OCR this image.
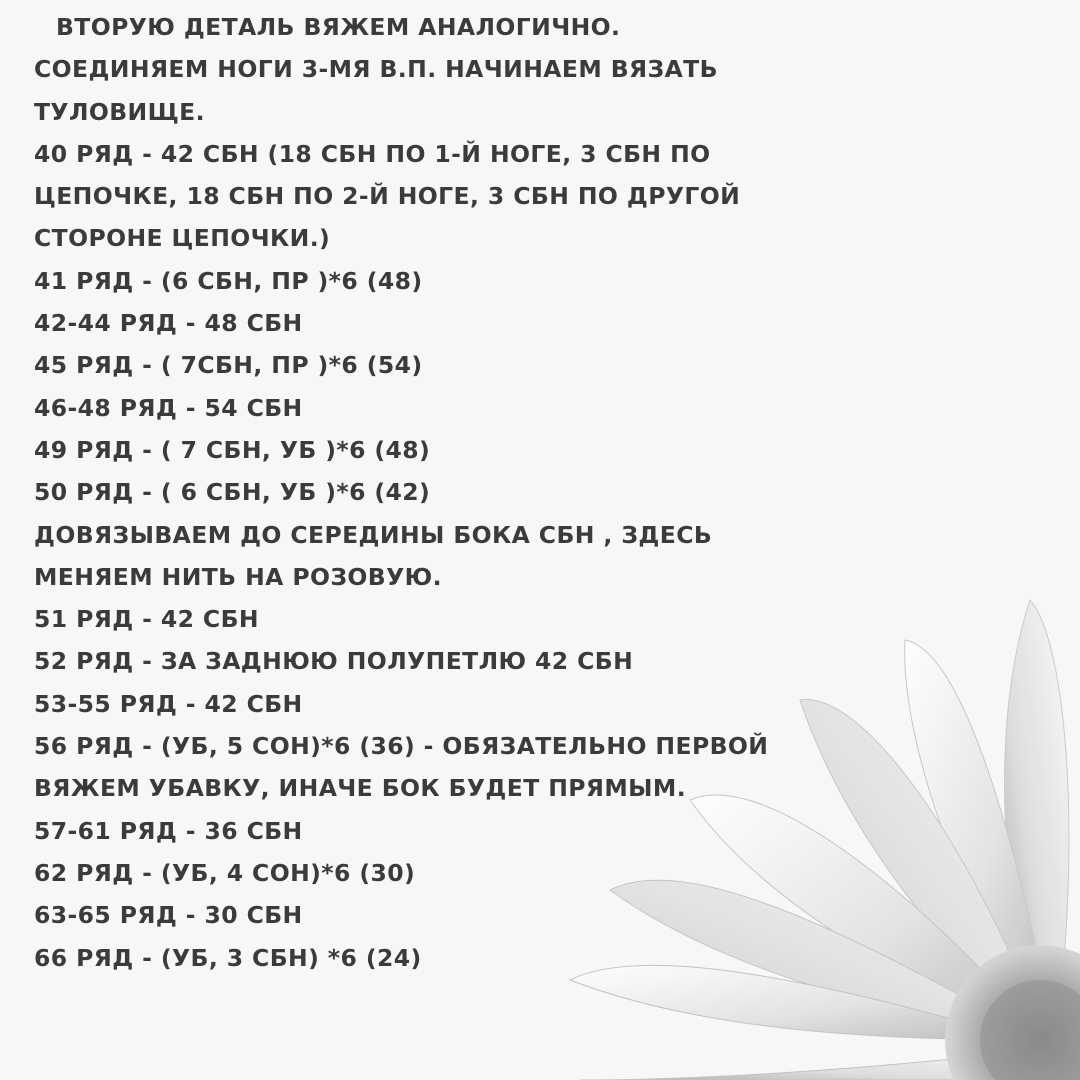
ВТОРУЮ ДЕТАЛЬ ВЯЖЕМ АНАЛОГИЧНО.

СОЕДИНЯЕМ НОГИ 3-МЯ В.П. НАЧИНАЕМ ВЯЗАТЬ

ТУЛОВИЩЕ.

40 РЯД - 42 СБН (18 СБН ПО 1-Й НОГЕ, 3 СБН ПО

ЦЕПОЧКЕ, 18 СБН ПО 2-Й НОГЕ, 3 СБН ПО ДРУГОЙ

СТОРОНЕ ЦЕПОЧКИ.)

41 РЯД - (6 СБН, ПР )*6 (48)

42-44 РЯД - 48 СБН

45 РЯД - ( 7СБН, ПР )*6 (54)

46-48 РЯД - 54 СБН

49 РЯД - ( 7 СБН, УБ )*6 (48)

50 РЯД - ( 6 СБН, УБ )*6 (42)

ДОВЯЗЫВАЕМ ДО СЕРЕДИНЫ БОКА СБН , ЗДЕСЬ

МЕНЯЕМ НИТЬ НА РОЗОВУЮ.

51 РЯД - 42 СБН

52 РЯД - ЗА ЗАДНЮЮ ПОЛУПЕТЛЮ 42 СБН

53-55 РЯД - 42 СБН

56 РЯД - (УБ, 5 СОН)*6 (36) - ОБЯЗАТЕЛЬНО ПЕРВОЙ

ВЯЖЕМ УБАВКУ, ИНАЧЕ БОК БУДЕТ ПРЯМЫМ.

57-61 РЯД - 36 СБН

62 РЯД - (УБ, 4 СОН)*6 (30)

63-65 РЯД - 30 СБН

66 РЯД - (УБ, 3 СБН) *6 (24)
